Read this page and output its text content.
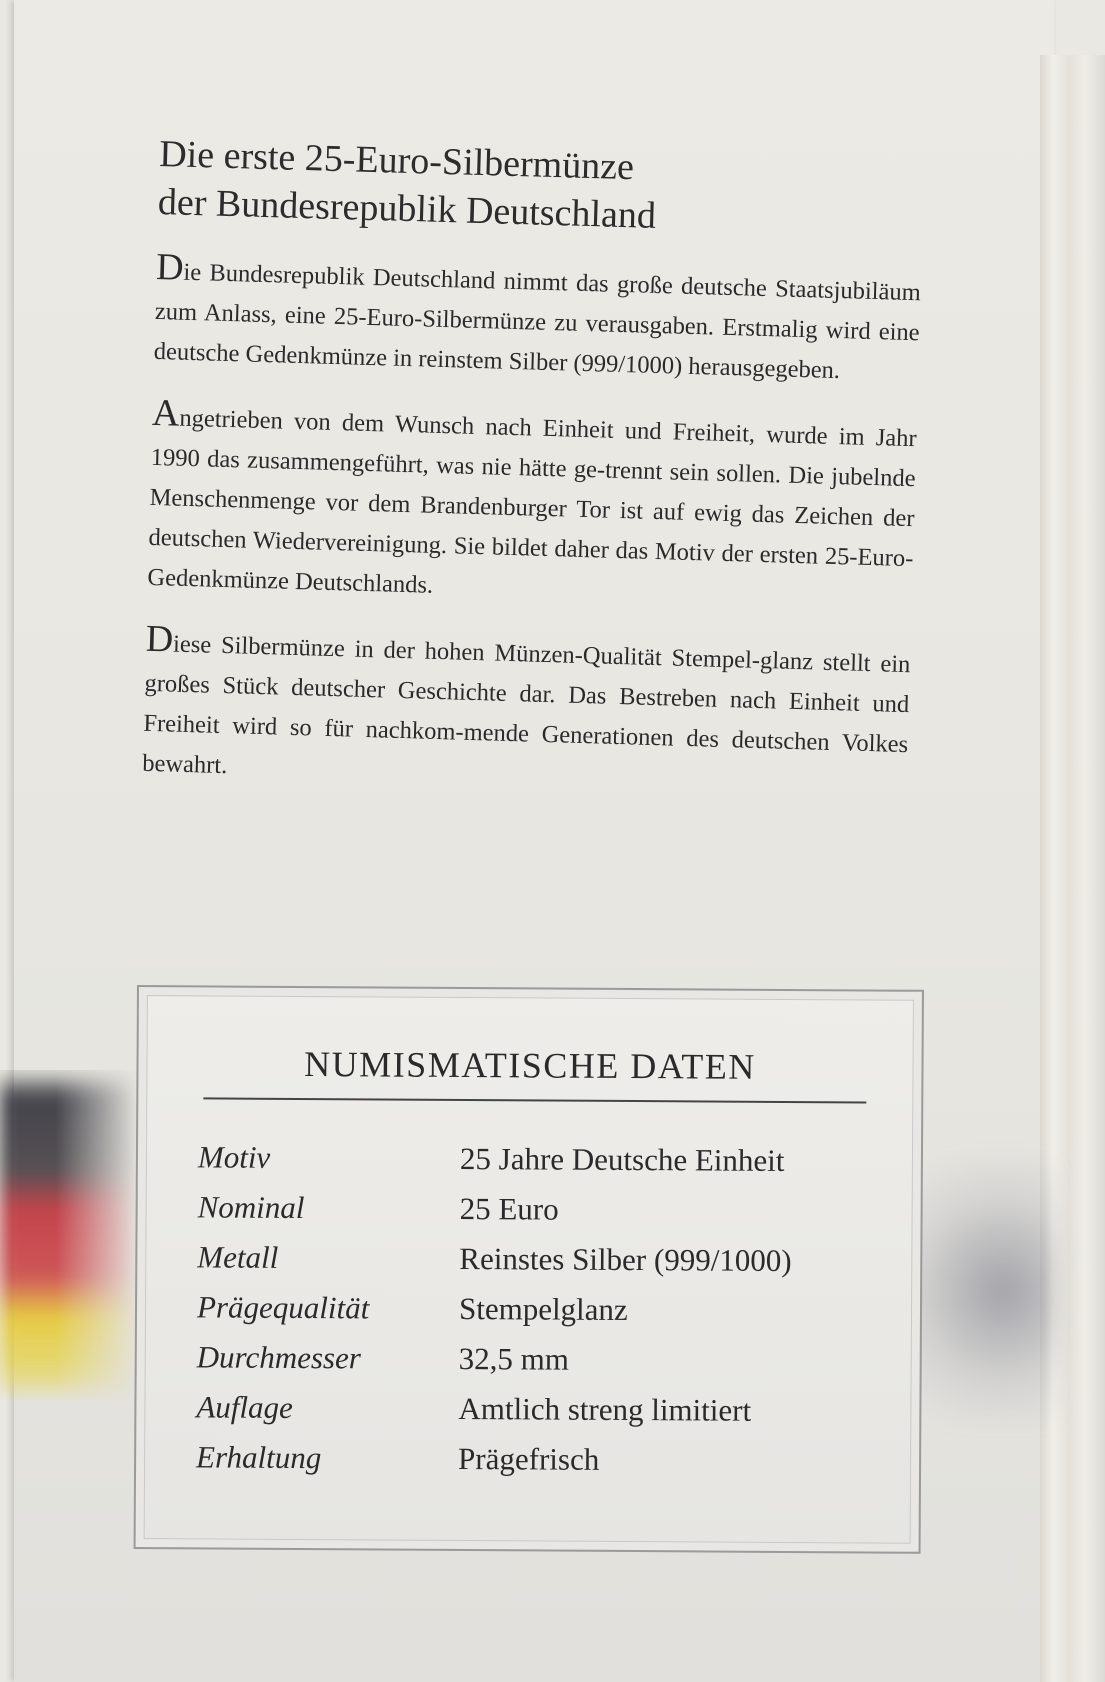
Die erste 25-Euro-Silbermünze
der Bundesrepublik Deutschland

Die Bundesrepublik Deutschland nimmt das große deutsche Staatsjubiläum zum Anlass, eine 25-Euro-Silbermünze zu verausgaben. Erstmalig wird eine deutsche Gedenkmünze in reinstem Silber (999/1000) herausgegeben.

Angetrieben von dem Wunsch nach Einheit und Freiheit, wurde im Jahr 1990 das zusammengeführt, was nie hätte ge-trennt sein sollen. Die jubelnde Menschenmenge vor dem Brandenburger Tor ist auf ewig das Zeichen der deutschen Wiedervereinigung. Sie bildet daher das Motiv der ersten 25-Euro-Gedenkmünze Deutschlands.

Diese Silbermünze in der hohen Münzen-Qualität Stempel-glanz stellt ein großes Stück deutscher Geschichte dar. Das Bestreben nach Einheit und Freiheit wird so für nachkom-mende Generationen des deutschen Volkes bewahrt.

NUMISMATISCHE DATEN
Motiv	25 Jahre Deutsche Einheit
Nominal	25 Euro
Metall	Reinstes Silber (999/1000)
Prägequalität	Stempelglanz
Durchmesser	32,5 mm
Auflage	Amtlich streng limitiert
Erhaltung	Prägefrisch
